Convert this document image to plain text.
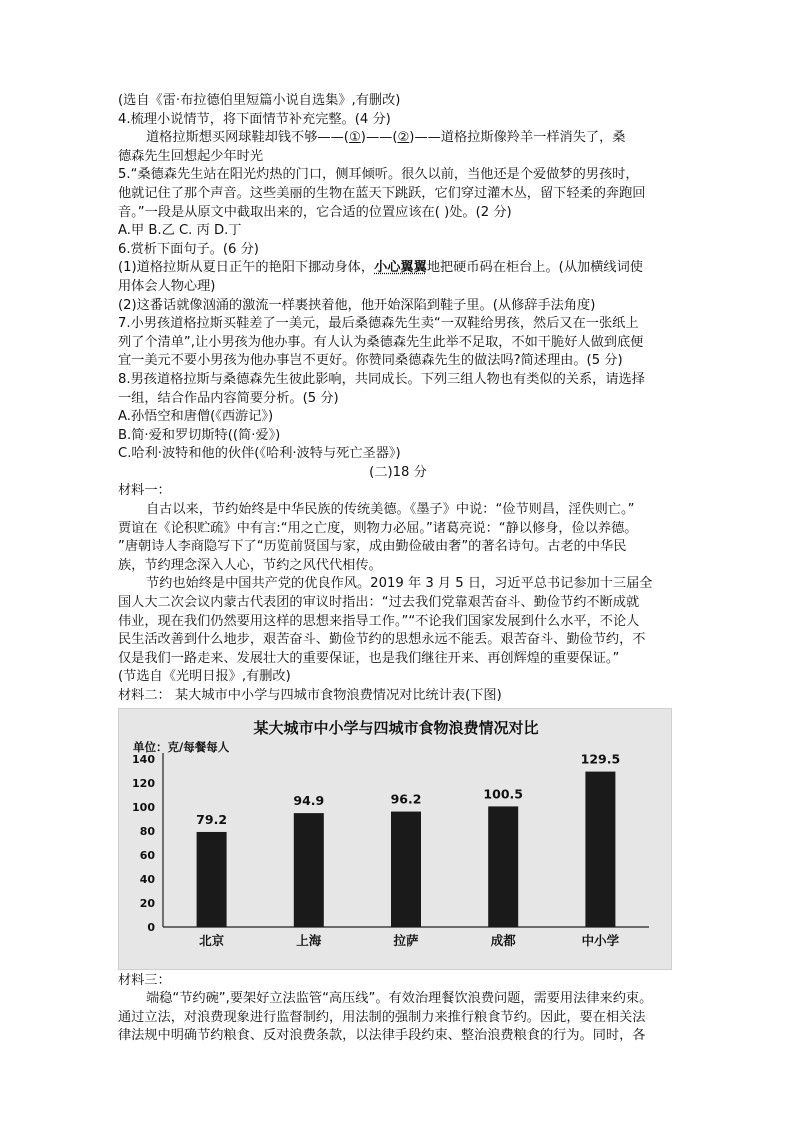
(选自《雷·布拉德伯里短篇小说自选集》,有删改)
4.梳理小说情节，将下面情节补充完整。(4 分)
道格拉斯想买网球鞋却钱不够——(①)——(②)——道格拉斯像羚羊一样消失了，桑
德森先生回想起少年时光
5.“桑德森先生站在阳光灼热的门口，侧耳倾听。很久以前，当他还是个爱做梦的男孩时，
他就记住了那个声音。这些美丽的生物在蓝天下跳跃，它们穿过灌木丛，留下轻柔的奔跑回
音。”一段是从原文中截取出来的，它合适的位置应该在( )处。(2 分)
A.甲 B.乙 C. 丙 D.丁
6.赏析下面句子。(6 分)
(1)道格拉斯从夏日正午的艳阳下挪动身体，小心翼翼地把硬币码在柜台上。(从加横线词使
用体会人物心理)
(2)这番话就像汹涌的激流一样裹挟着他，他开始深陷到鞋子里。(从修辞手法角度)
7.小男孩道格拉斯买鞋差了一美元，最后桑德森先生卖“一双鞋给男孩，然后又在一张纸上
列了个清单”,让小男孩为他办事。有人认为桑德森先生此举不足取，不如干脆好人做到底便
宜一美元不要小男孩为他办事岂不更好。你赞同桑德森先生的做法吗?简述理由。(5 分)
8.男孩道格拉斯与桑德森先生彼此影响，共同成长。下列三组人物也有类似的关系，请选择
一组，结合作品内容简要分析。(5 分)
A.孙悟空和唐僧(《西游记》)
B.简·爱和罗切斯特((简·爱》)
C.哈利·波特和他的伙伴(《哈利·波特与死亡圣器》)
(二)18 分
材料一：
自古以来，节约始终是中华民族的传统美德。《墨子》中说：“俭节则昌，淫佚则亡。”
贾谊在《论积贮疏》中有言:“用之亡度，则物力必屈。”诸葛亮说：“静以修身，俭以养德。
”唐朝诗人李商隐写下了“历览前贤国与家，成由勤俭破由奢”的著名诗句。古老的中华民
族，节约理念深入人心，节约之风代代相传。
节约也始终是中国共产党的优良作风。2019 年 3 月 5 日，习近平总书记参加十三届全
国人大二次会议内蒙古代表团的审议时指出：“过去我们党靠艰苦奋斗、勤俭节约不断成就
伟业，现在我们仍然要用这样的思想来指导工作。”“不论我们国家发展到什么水平，不论人
民生活改善到什么地步，艰苦奋斗、勤俭节约的思想永远不能丢。艰苦奋斗、勤俭节约，不
仅是我们一路走来、发展壮大的重要保证，也是我们继往开来、再创辉煌的重要保证。”
(节选自《光明日报》,有删改)
材料二： 某大城市中小学与四城市食物浪费情况对比统计表(下图)
某大城市中小学与四城市食物浪费情况对比
单位：克/每餐每人
0
20
40
60
80
100
120
140
79.2
北京
94.9
上海
96.2
拉萨
100.5
成都
129.5
中小学
材料三：
端稳“节约碗”,要架好立法监管“高压线”。有效治理餐饮浪费问题，需要用法律来约束。
通过立法，对浪费现象进行监督制约，用法制的强制力来推行粮食节约。因此，要在相关法
律法规中明确节约粮食、反对浪费条款，以法律手段约束、整治浪费粮食的行为。同时，各
